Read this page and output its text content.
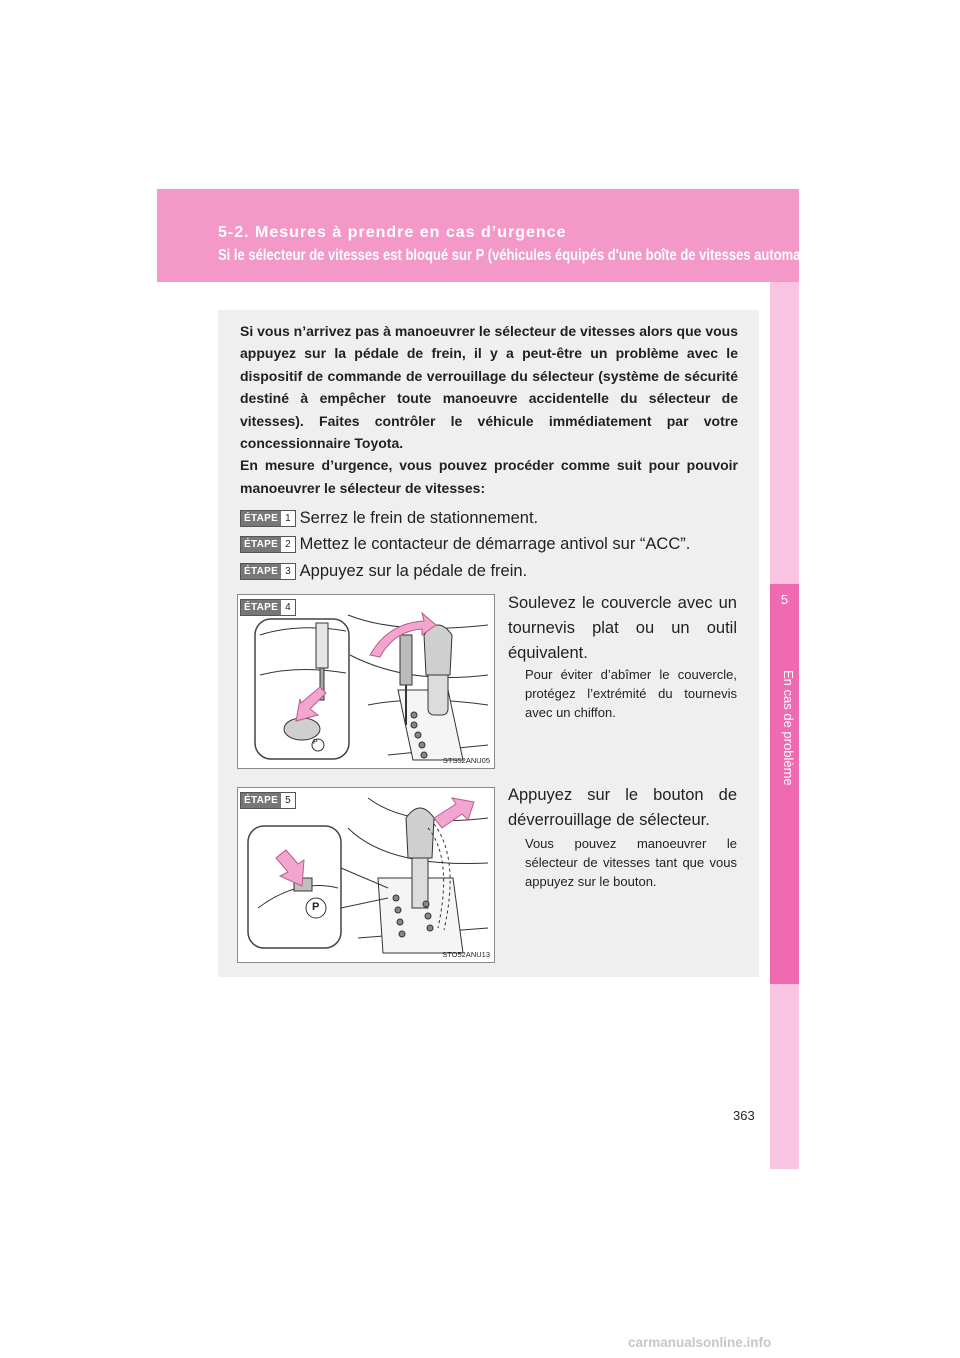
5-2. Mesures à prendre en cas d’urgence
Si le sélecteur de vitesses est bloqué sur P (véhicules équipés d'une boîte de vitesses automatique)
5
En cas de problème
Si vous n’arrivez pas à manoeuvrer le sélecteur de vitesses alors que vous appuyez sur la pédale de frein, il y a peut-être un problème avec le dispositif de commande de verrouillage du sélecteur (système de sécurité destiné à empêcher toute manoeuvre accidentelle du sélecteur de vitesses). Faites contrôler le véhicule immédiatement par votre concessionnaire Toyota.
En mesure d’urgence, vous pouvez procéder comme suit pour pouvoir manoeuvrer le sélecteur de vitesses:
ÉTAPE 1 Serrez le frein de stationnement.
ÉTAPE 2 Mettez le contacteur de démarrage antivol sur “ACC”.
ÉTAPE 3 Appuyez sur la pédale de frein.
ÉTAPE 4
P
STS52ANU05

Soulevez le couvercle avec un tournevis plat ou un outil équivalent.

Pour éviter d’abîmer le couvercle, protégez l’extrémité du tournevis avec un chiffon.

ÉTAPE 5
P
STO52ANU13

Appuyez sur le bouton de déverrouillage de sélecteur.

Vous pouvez manoeuvrer le sélecteur de vitesses tant que vous appuyez sur le bouton.

363
carmanualsonline.info
